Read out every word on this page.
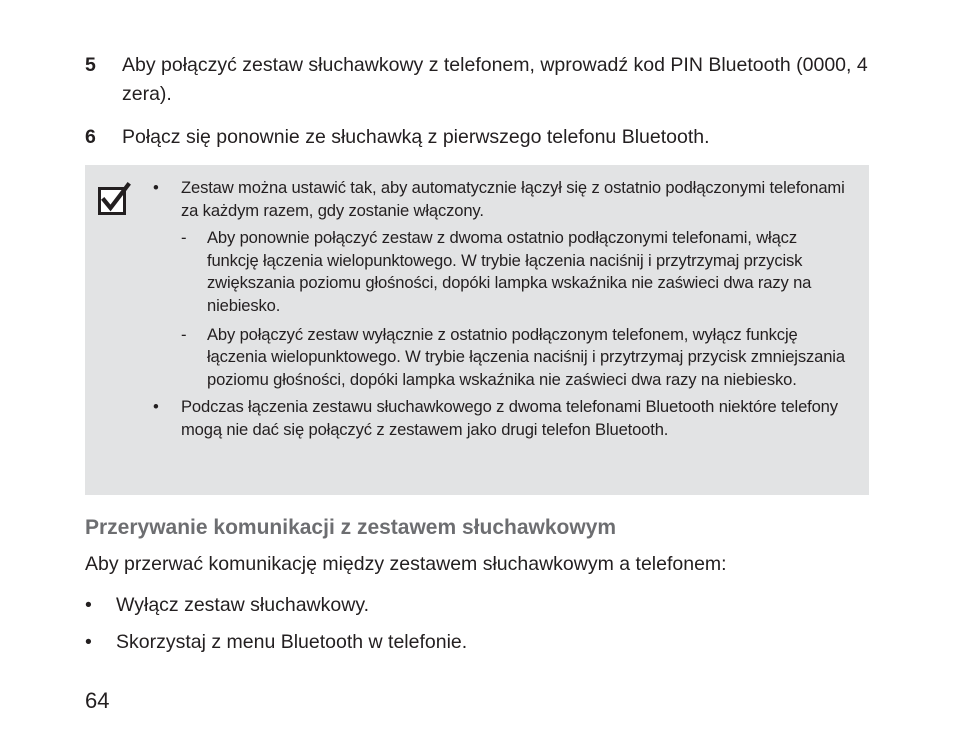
5 Aby połączyć zestaw słuchawkowy z telefonem, wprowadź kod PIN Bluetooth (0000, 4 zera).
6 Połącz się ponownie ze słuchawką z pierwszego telefonu Bluetooth.
• Zestaw można ustawić tak, aby automatycznie łączył się z ostatnio podłączonymi telefonami za każdym razem, gdy zostanie włączony.
- Aby ponownie połączyć zestaw z dwoma ostatnio podłączonymi telefonami, włącz funkcję łączenia wielopunktowego. W trybie łączenia naciśnij i przytrzymaj przycisk zwiększania poziomu głośności, dopóki lampka wskaźnika nie zaświeci dwa razy na niebiesko.
- Aby połączyć zestaw wyłącznie z ostatnio podłączonym telefonem, wyłącz funkcję łączenia wielopunktowego. W trybie łączenia naciśnij i przytrzymaj przycisk zmniejszania poziomu głośności, dopóki lampka wskaźnika nie zaświeci dwa razy na niebiesko.
• Podczas łączenia zestawu słuchawkowego z dwoma telefonami Bluetooth niektóre telefony mogą nie dać się połączyć z zestawem jako drugi telefon Bluetooth.
Przerywanie komunikacji z zestawem słuchawkowym
Aby przerwać komunikację między zestawem słuchawkowym a telefonem:
• Wyłącz zestaw słuchawkowy.
• Skorzystaj z menu Bluetooth w telefonie.
64
